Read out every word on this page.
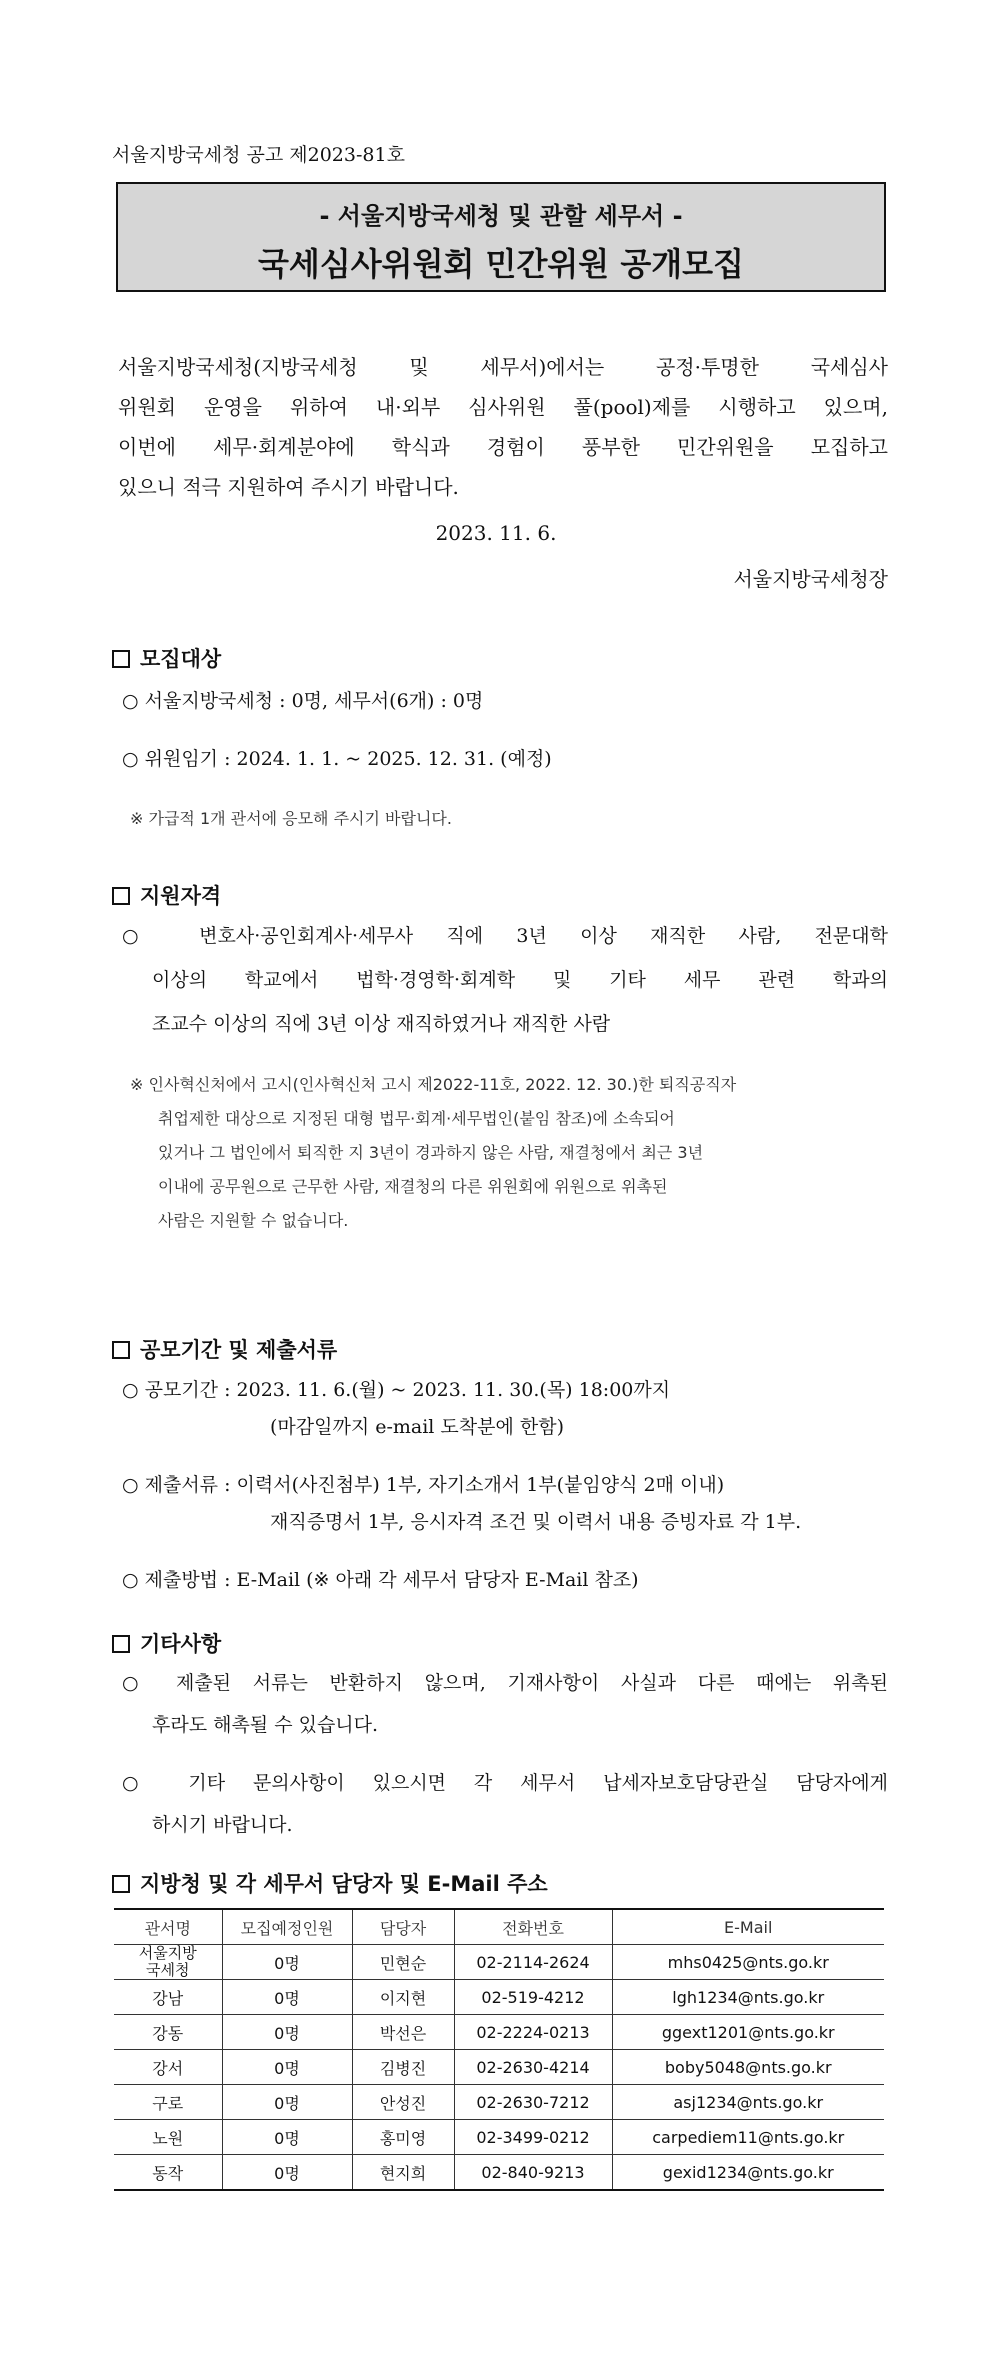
서울지방국세청 공고 제2023-81호
- 서울지방국세청 및 관할 세무서 -
국세심사위원회 민간위원 공개모집
서울지방국세청(지방국세청 및 세무서)에서는 공정·투명한 국세심사
위원회 운영을 위하여 내·외부 심사위원 풀(pool)제를 시행하고 있으며,
이번에 세무·회계분야에 학식과 경험이 풍부한 민간위원을 모집하고
있으니 적극 지원하여 주시기 바랍니다.
2023. 11. 6.
서울지방국세청장
모집대상
○ 서울지방국세청 : 0명, 세무서(6개) : 0명
○ 위원임기 : 2024. 1. 1. ~ 2025. 12. 31. (예정)
※ 가급적 1개 관서에 응모해 주시기 바랍니다.
지원자격
○ 변호사·공인회계사·세무사 직에 3년 이상 재직한 사람, 전문대학
이상의 학교에서 법학·경영학·회계학 및 기타 세무 관련 학과의
조교수 이상의 직에 3년 이상 재직하였거나 재직한 사람
※ 인사혁신처에서 고시(인사혁신처 고시 제2022-11호, 2022. 12. 30.)한 퇴직공직자
취업제한 대상으로 지정된 대형 법무·회계·세무법인(붙임 참조)에 소속되어
있거나 그 법인에서 퇴직한 지 3년이 경과하지 않은 사람, 재결청에서 최근 3년
이내에 공무원으로 근무한 사람, 재결청의 다른 위원회에 위원으로 위촉된
사람은 지원할 수 없습니다.
공모기간 및 제출서류
○ 공모기간 : 2023. 11. 6.(월) ~ 2023. 11. 30.(목) 18:00까지
(마감일까지 e-mail 도착분에 한함)
○ 제출서류 : 이력서(사진첨부) 1부, 자기소개서 1부(붙임양식 2매 이내)
재직증명서 1부, 응시자격 조건 및 이력서 내용 증빙자료 각 1부.
○ 제출방법 : E-Mail (※ 아래 각 세무서 담당자 E-Mail 참조)
기타사항
○ 제출된 서류는 반환하지 않으며, 기재사항이 사실과 다른 때에는 위촉된
후라도 해촉될 수 있습니다.
○ 기타 문의사항이 있으시면 각 세무서 납세자보호담당관실 담당자에게
하시기 바랍니다.
지방청 및 각 세무서 담당자 및 E-Mail 주소
관서명	모집예정인원	담당자	전화번호	E-Mail

서울지방
국세청	0명	민현순	02-2114-2624	mhs0425@nts.go.kr
강남	0명	이지현	02-519-4212	lgh1234@nts.go.kr
강동	0명	박선은	02-2224-0213	ggext1201@nts.go.kr
강서	0명	김병진	02-2630-4214	boby5048@nts.go.kr
구로	0명	안성진	02-2630-7212	asj1234@nts.go.kr
노원	0명	홍미영	02-3499-0212	carpediem11@nts.go.kr
동작	0명	현지희	02-840-9213	gexid1234@nts.go.kr
